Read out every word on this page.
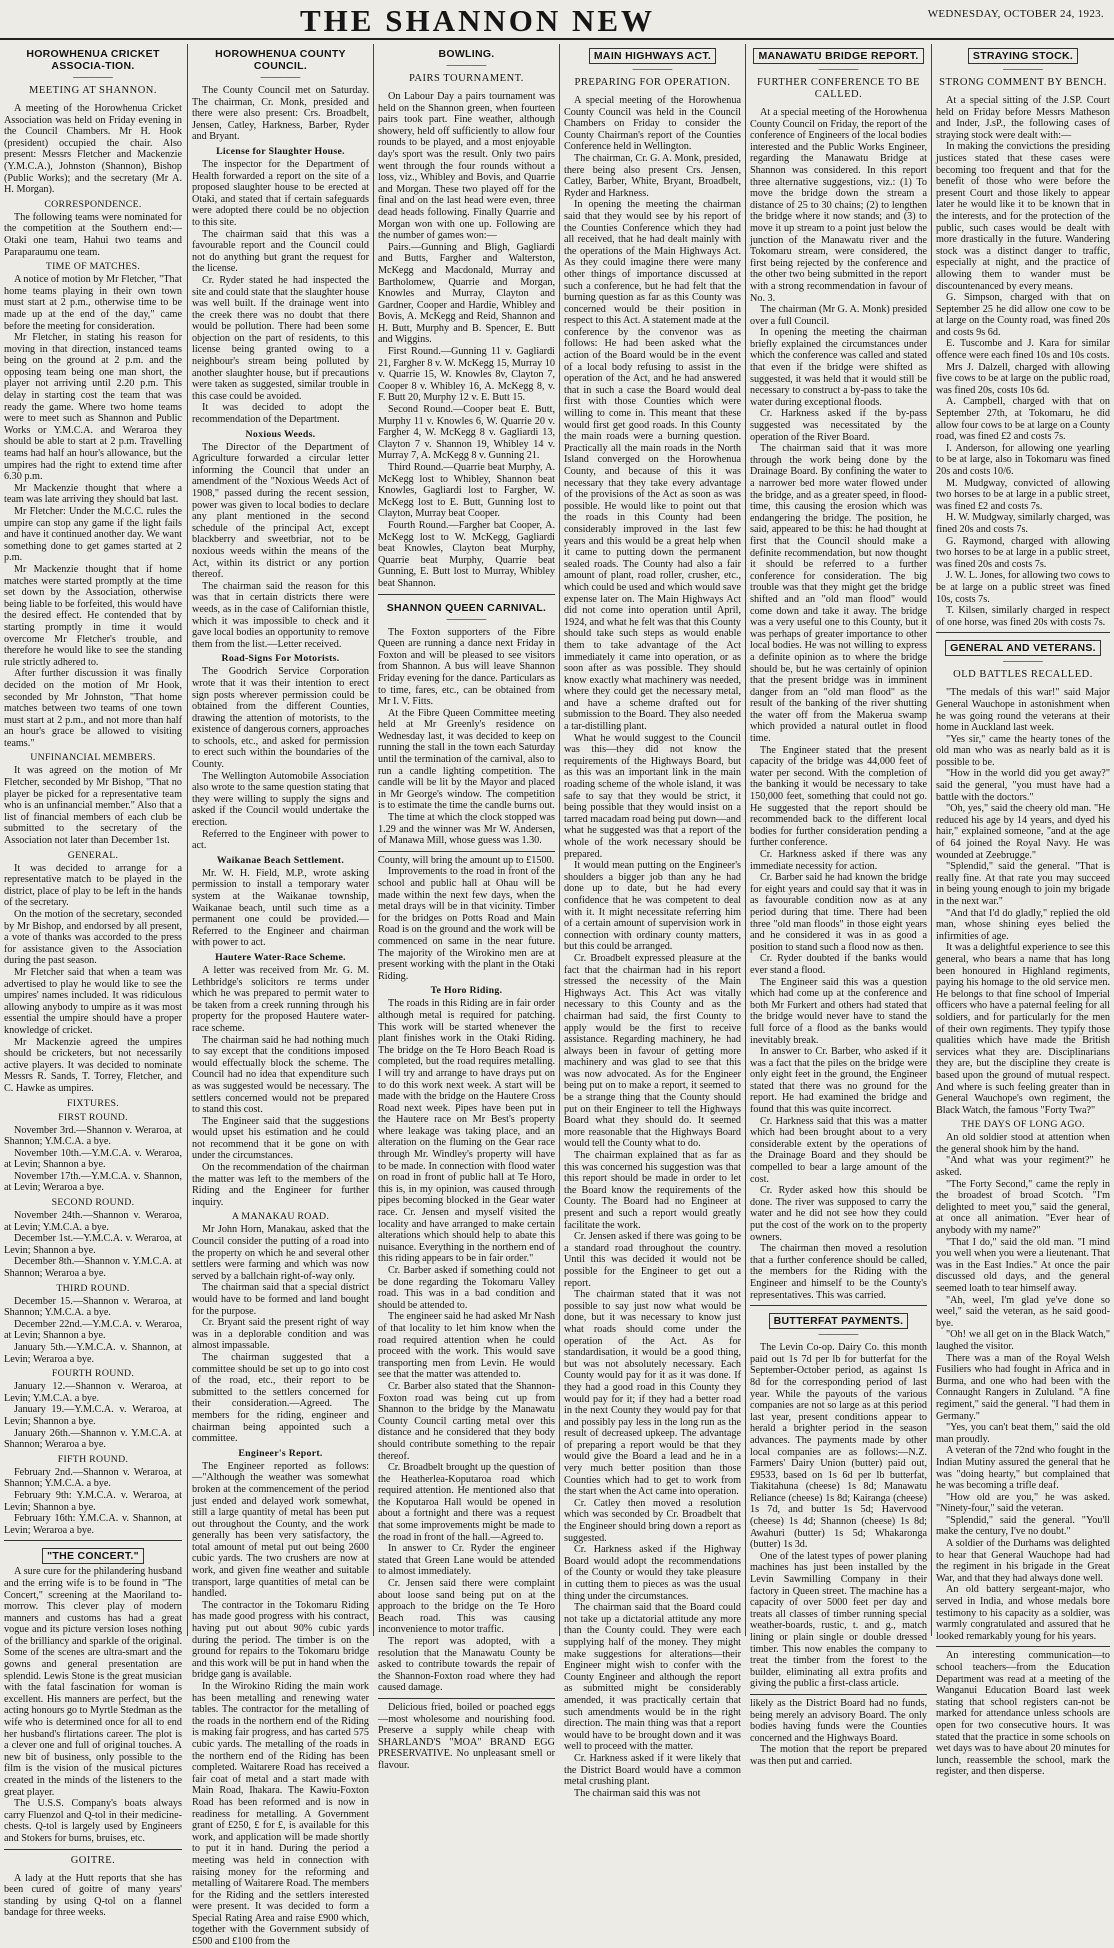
THE SHANNON NEW	WEDNESDAY, OCTOBER 24, 1923.
HOROWHENUA CRICKET ASSOCIA-TION.
───────
MEETING AT SHANNON.

A meeting of the Horowhenua Cricket Association was held on Friday evening in the Council Chambers. Mr H. Hook (president) occupied the chair. Also present: Messrs Fletcher and Mackenzie (Y.M.C.A.), Johnston (Shannon), Bishop (Public Works); and the secretary (Mr A. H. Morgan).

CORRESPONDENCE.

The following teams were nominated for the competition at the Southern end:—Otaki one team, Hahui two teams and Paraparaumu one team.

TIME OF MATCHES.

A notice of motion by Mr Fletcher, "That home teams playing in their own town must start at 2 p.m., otherwise time to be made up at the end of the day," came before the meeting for consideration.

Mr Fletcher, in stating his reason for moving in that direction, instanced teams being on the ground at 2 p.m. and the opposing team being one man short, the player not arriving until 2.20 p.m. This delay in starting cost the team that was ready the game. Where two home teams were to meet such as Shannon and Public Works or Y.M.C.A. and Weraroa they should be able to start at 2 p.m. Travelling teams had half an hour's allowance, but the umpires had the right to extend time after 6.30 p.m.

Mr Mackenzie thought that where a team was late arriving they should bat last.

Mr Fletcher: Under the M.C.C. rules the umpire can stop any game if the light fails and have it continued another day. We want something done to get games started at 2 p.m.

Mr Mackenzie thought that if home matches were started promptly at the time set down by the Association, otherwise being liable to be forfeited, this would have the desired effect. He contended that by starting promptly in time it would overcome Mr Fletcher's trouble, and therefore he would like to see the standing rule strictly adhered to.

After further discussion it was finally decided on the motion of Mr Hook, seconded by Mr Johnston, "That home matches between two teams of one town must start at 2 p.m., and not more than half an hour's grace be allowed to visiting teams."

UNFINANCIAL MEMBERS.

It was agreed on the motion of Mr Fletcher, seconded by Mr Bishop, "That no player be picked for a representative team who is an unfinancial member." Also that a list of financial members of each club be submitted to the secretary of the Association not later than December 1st.

GENERAL.

It was decided to arrange for a representative match to be played in the district, place of play to be left in the hands of the secretary.

On the motion of the secretary, seconded by Mr Bishop, and endorsed by all present, a vote of thanks was accorded to the press for assistance given to the Association during the past season.

Mr Fletcher said that when a team was advertised to play he would like to see the umpires' names included. It was ridiculous allowing anybody to umpire as it was most essential the umpire should have a proper knowledge of cricket.

Mr Mackenzie agreed the umpires should be cricketers, but not necessarily active players. It was decided to nominate Messrs R. Sands, T. Torrey, Fletcher, and C. Hawke as umpires.

FIXTURES.
FIRST ROUND.

November 3rd.—Shannon v. Weraroa, at Shannon; Y.M.C.A. a bye.

November 10th.—Y.M.C.A. v. Weraroa, at Levin; Shannon a bye.

November 17th.—Y.M.C.A. v. Shannon, at Levin; Weraroa a bye.

SECOND ROUND.

November 24th.—Shannon v. Weraroa, at Levin; Y.M.C.A. a bye.

December 1st.—Y.M.C.A. v. Weraroa, at Levin; Shannon a bye.

December 8th.—Shannon v. Y.M.C.A. at Shannon; Weraroa a bye.

THIRD ROUND.

December 15.—Shannon v. Weraroa, at Shannon; Y.M.C.A. a bye.

December 22nd.—Y.M.C.A. v. Weraroa, at Levin; Shannon a bye.

January 5th.—Y.M.C.A. v. Shannon, at Levin; Weraroa a bye.

FOURTH ROUND.

January 12.—Shannon v. Weraroa, at Levin; Y.M.C.A. a bye.

January 19.—Y.M.C.A. v. Weraroa, at Levin; Shannon a bye.

January 26th.—Shannon v. Y.M.C.A. at Shannon; Weraroa a bye.

FIFTH ROUND.

February 2nd.—Shannon v. Weraroa, at Shannon; Y.M.C.A. a bye.

February 9th: Y.M.C.A. v. Weraroa, at Levin; Shannon a bye.

February 16th: Y.M.C.A. v. Shannon, at Levin; Weraroa a bye.

"THE CONCERT."

A sure cure for the philandering husband and the erring wife is to be found in "The Concert," screening at the Maoriland to-morrow. This clever play of modern manners and customs has had a great vogue and its picture version loses nothing of the brilliancy and sparkle of the original. Some of the scenes are ultra-smart and the gowns and general presentation are splendid. Lewis Stone is the great musician with the fatal fascination for woman is excellent. His manners are perfect, but the acting honours go to Myrtle Stedman as the wife who is determined once for all to end her husband's flirtations career. The plot is a clever one and full of original touches. A new bit of business, only possible to the film is the vision of the musical pictures created in the minds of the listeners to the great player.

The U.S.S. Company's boats always carry Fluenzol and Q-tol in their medicine-chests. Q-tol is largely used by Engineers and Stokers for burns, bruises, etc.

GOITRE.

A lady at the Hutt reports that she has been cured of goitre of many years' standing by using Q-tol on a flannel bandage for three weeks.

HOROWHENUA COUNTY COUNCIL.
───────

The County Council met on Saturday. The chairman, Cr. Monk, presided and there were also present: Crs. Broadbelt, Jensen, Catley, Harkness, Barber, Ryder and Bryant.

License for Slaughter House.

The inspector for the Department of Health forwarded a report on the site of a proposed slaughter house to be erected at Otaki, and stated that if certain safeguards were adopted there could be no objection to this site.

The chairman said that this was a favourable report and the Council could not do anything but grant the request for the license.

Cr. Ryder stated he had inspected the site and could state that the slaughter house was well built. If the drainage went into the creek there was no doubt that there would be pollution. There had been some objection on the part of residents, to this license being granted owing to a neighbour's stream being polluted by another slaughter house, but if precautions were taken as suggested, similar trouble in this case could be avoided.

It was decided to adopt the recommendation of the Department.

Noxious Weeds.

The Director of the Department of Agriculture forwarded a circular letter informing the Council that under an amendment of the "Noxious Weeds Act of 1908," passed during the recent session, power was given to local bodies to declare any plant mentioned in the second schedule of the principal Act, except blackberry and sweetbriar, not to be noxious weeds within the means of the Act, within its district or any portion thereof.

The chairman said the reason for this was that in certain districts there were weeds, as in the case of Californian thistle, which it was impossible to check and it gave local bodies an opportunity to remove them from the list.—Letter received.

Road-Signs For Motorists.

The Goodrich Service Corporation wrote that it was their intention to erect sign posts wherever permission could be obtained from the different Counties, drawing the attention of motorists, to the existence of dangerous corners, approaches to schools, etc., and asked for permission to erect such within the boundaries of the County.

The Wellington Automobile Association also wrote to the same question stating that they were willing to supply the signs and asked if the Council would undertake the erection.

Referred to the Engineer with power to act.

Waikanae Beach Settlement.

Mr. W. H. Field, M.P., wrote asking permission to install a temporary water system at the Waikanae township, Waikanae beach, until such time as a permanent one could be provided.—Referred to the Engineer and chairman with power to act.

Hautere Water-Race Scheme.

A letter was received from Mr. G. M. Lethbridge's solicitors re terms under which he was prepared to permit water to be taken from a creek running through his property for the proposed Hautere water-race scheme.

The chairman said he had nothing much to say except that the conditions imposed would effectually block the scheme. The Council had no idea that expenditure such as was suggested would be necessary. The settlers concerned would not be prepared to stand this cost.

The Engineer said that the suggestions would upset his estimation and he could not recommend that it be gone on with under the circumstances.

On the recommendation of the chairman the matter was left to the members of the Riding and the Engineer for further inquiry.

A MANAKAU ROAD.

Mr John Horn, Manakau, asked that the Council consider the putting of a road into the property on which he and several other settlers were farming and which was now served by a ballchain right-of-way only.

The chairman said that a special district would have to be formed and land bought for the purpose.

Cr. Bryant said the present right of way was in a deplorable condition and was almost impassable.

The chairman suggested that a committee should be set up to go into cost of the road, etc., their report to be submitted to the settlers concerned for their consideration.—Agreed. The members for the riding, engineer and chairman being appointed such a committee.

Engineer's Report.

The Engineer reported as follows:—"Although the weather was somewhat broken at the commencement of the period just ended and delayed work somewhat, still a large quantity of metal has been put out throughout the County, and the work generally has been very satisfactory, the total amount of metal put out being 2600 cubic yards. The two crushers are now at work, and given fine weather and suitable transport, large quantities of metal can be handled.

The contractor in the Tokomaru Riding has made good progress with his contract, having put out about 90% cubic yards during the period. The timber is on the ground for repairs to the Tokomaru bridge and this work will be put in hand when the bridge gang is available.

In the Wirokino Riding the main work has been metalling and renewing water tables. The contractor for the metalling of the roads in the northern end of the Riding is making fair progress, and has carted 575 cubic yards. The metalling of the roads in the northern end of the Riding has been completed. Waitarere Road has received a fair coat of metal and a start made with Main Road, Ihakara. The Kawiu-Foxton Road has been reformed and is now in readiness for metalling. A Government grant of £250, £ for £, is available for this work, and application will be made shortly to put it in hand. During the period a meeting was held in connection with raising money for the reforming and metalling of Waitarere Road. The members for the Riding and the settlers interested were present. It was decided to form a Special Rating Area and raise £900 which, together with the Government subsidy of £500 and £100 from the

BOWLING.
───────
PAIRS TOURNAMENT.

On Labour Day a pairs tournament was held on the Shannon green, when fourteen pairs took part. Fine weather, although showery, held off sufficiently to allow four rounds to be played, and a most enjoyable day's sport was the result. Only two pairs went through the four rounds without a loss, viz., Whibley and Bovis, and Quarrie and Morgan. These two played off for the final and on the last head were even, three dead heads following. Finally Quarrie and Morgan won with one up. Following are the number of games won:—

Pairs.—Gunning and Bligh, Gagliardi and Butts, Fargher and Walterston, McKegg and Macdonald, Murray and Bartholomew, Quarrie and Morgan, Knowles and Murray, Clayton and Gardner, Cooper and Hardie, Whibley and Bovis, A. McKegg and Reid, Shannon and H. Butt, Murphy and B. Spencer, E. Butt and Wiggins.

First Round.—Gunning 11 v. Gagliardi 21, Fargher 8 v. W. McKegg 15, Murray 10 v. Quarrie 15, W. Knowles 8v, Clayton 7, Cooper 8 v. Whibley 16, A. McKegg 8, v. F. Butt 20, Murphy 12 v. E. Butt 15.

Second Round.—Cooper beat E. Butt, Murphy 11 v. Knowles 6, W. Quarrie 20 v. Fargher 4, W. McKegg 8 v. Gagliardi 13, Clayton 7 v. Shannon 19, Whibley 14 v. Murray 7, A. McKegg 8 v. Gunning 21.

Third Round.—Quarrie beat Murphy, A. McKegg lost to Whibley, Shannon beat Knowles, Gagliardi lost to Fargher, W. McKegg lost to E. Butt, Gunning lost to Clayton, Murray beat Cooper.

Fourth Round.—Fargher bat Cooper, A. McKegg lost to W. McKegg, Gagliardi beat Knowles, Clayton beat Murphy, Quarrie beat Murphy, Quarrie beat Gunning, E. Butt lost to Murray, Whibley beat Shannon.

SHANNON QUEEN CARNIVAL.
───────

The Foxton supporters of the Fibre Queen are running a dance next Friday in Foxton and will be pleased to see visitors from Shannon. A bus will leave Shannon Friday evening for the dance. Particulars as to time, fares, etc., can be obtained from Mr I. V. Fitts.

At the Fibre Queen Committee meeting held at Mr Greenly's residence on Wednesday last, it was decided to keep on running the stall in the town each Saturday until the termination of the carnival, also to run a candle lighting competition. The candle will be lit by the Mayor and placed in Mr George's window. The competition is to estimate the time the candle burns out.

The time at which the clock stopped was 1.29 and the winner was Mr W. Andersen, of Manawa Mill, whose guess was 1.30.

County, will bring the amount up to £1500.

Improvements to the road in front of the school and public hall at Ohau will be made within the next few days, when the metal drays will be in that vicinity. Timber for the bridges on Potts Road and Main Road is on the ground and the work will be commenced on same in the near future. The majority of the Wirokino men are at present working with the plant in the Otaki Riding.

Te Horo Riding.

The roads in this Riding are in fair order although metal is required for patching. This work will be started whenever the plant finishes work in the Otaki Riding. The bridge on the Te Horo Beach Road is completed, but the road requires metalling. I will try and arrange to have drays put on to do this work next week. A start will be made with the bridge on the Hautere Cross Road next week. Pipes have been put in the Hautere race on Mr Best's property where leakage was taking place, and an alteration on the fluming on the Gear race through Mr. Windley's property will have to be made. In connection with flood water on road in front of public hall at Te Horo, this is, in my opinion, was caused through pipes becoming blocked in the Gear water race. Cr. Jensen and myself visited the locality and have arranged to make certain alterations which should help to abate this nuisance. Everything in the northern end of this riding appears to be in fair order."

Cr. Barber asked if something could not be done regarding the Tokomaru Valley road. This was in a bad condition and should be attended to.

The engineer said he had asked Mr Nash of that locality to let him know when the road required attention when he could proceed with the work. This would save transporting men from Levin. He would see that the matter was attended to.

Cr. Barber also stated that the Shannon-Foxton road was being cut up from Shannon to the bridge by the Manawatu County Council carting metal over this distance and he considered that they body should contribute something to the repair thereof.

Cr. Broadbelt brought up the question of the Heatherlea-Koputaroa road which required attention. He mentioned also that the Koputaroa Hall would be opened in about a fortnight and there was a request that some improvements might be made to the road in front of the hall.—Agreed to.

In answer to Cr. Ryder the engineer stated that Green Lane would be attended to almost immediately.

Cr. Jensen said there were complaint about loose sand being put on at the approach to the bridge on the Te Horo Beach road. This was causing inconvenience to motor traffic.

The report was adopted, with a resolution that the Manawatu County be asked to contribute towards the repair of the Shannon-Foxton road where they had caused damage.

Delicious fried, boiled or poached eggs—most wholesome and nourishing food. Preserve a supply while cheap with SHARLAND'S "MOA" BRAND EGG PRESERVATIVE. No unpleasant smell or flavour.

MAIN HIGHWAYS ACT.
───────
PREPARING FOR OPERATION.

A special meeting of the Horowhenua County Council was held in the Council Chambers on Friday to consider the County Chairman's report of the Counties Conference held in Wellington.

The chairman, Cr. G. A. Monk, presided, there being also present Crs. Jensen, Catley, Barber, White, Bryant, Broadbelt, Ryder and Harkness.

In opening the meeting the chairman said that they would see by his report of the Counties Conference which they had all received, that he had dealt mainly with the operations of the Main Highways Act. As they could imagine there were many other things of importance discussed at such a conference, but he had felt that the burning question as far as this County was concerned would be their position in respect to this Act. A statement made at the conference by the convenor was as follows: He had been asked what the action of the Board would be in the event of a local body refusing to assist in the operation of the Act, and he had answered that in such a case the Board would deal first with those Counties which were willing to come in. This meant that these would first get good roads. In this County the main roads were a burning question. Practically all the main roads in the North Island converged on the Horowhenua County, and because of this it was necessary that they take every advantage of the provisions of the Act as soon as was possible. He would like to point out that the roads in this County had been considerably improved in the last few years and this would be a great help when it came to putting down the permanent sealed roads. The County had also a fair amount of plant, road roller, crusher, etc., which could be used and which would save expense later on. The Main Highways Act did not come into operation until April, 1924, and what he felt was that this County should take such steps as would enable them to take advantage of the Act immediately it came into operation, or as soon after as was possible. They should know exactly what machinery was needed, where they could get the necessary metal, and have a scheme drafted out for submission to the Board. They also needed a tar-distilling plant.

What he would suggest to the Council was this—they did not know the requirements of the Highways Board, but as this was an important link in the main roading scheme of the whole island, it was safe to say that they would be strict, it being possible that they would insist on a tarred macadam road being put down—and what he suggested was that a report of the whole of the work necessary should be prepared.

It would mean putting on the Engineer's shoulders a bigger job than any he had done up to date, but he had every confidence that he was competent to deal with it. It might necessitate referring him of a certain amount of supervision work in connection with ordinary county matters, but this could be arranged.

Cr. Broadbelt expressed pleasure at the fact that the chairman had in his report stressed the necessity of the Main Highways Act. This Act was vitally necessary to this County and as the chairman had said, the first County to apply would be the first to receive assistance. Regarding machinery, he had always been in favour of getting more machinery and was glad to see that this was now advocated. As for the Engineer being put on to make a report, it seemed to be a strange thing that the County should put on their Engineer to tell the Highways Board what they should do. It seemed more reasonable that the Highways Board would tell the County what to do.

The chairman explained that as far as this was concerned his suggestion was that this report should be made in order to let the Board know the requirements of the County. The Board had no Engineer at present and such a report would greatly facilitate the work.

Cr. Jensen asked if there was going to be a standard road throughout the country. Until this was decided it would not be possible for the Engineer to get out a report.

The chairman stated that it was not possible to say just now what would be done, but it was necessary to know just what roads should come under the operation of the Act. As for standardisation, it would be a good thing, but was not absolutely necessary. Each County would pay for it as it was done. If they had a good road in this County they would pay for it; if they had a better road in the next County they would pay for that and possibly pay less in the long run as the result of decreased upkeep. The advantage of preparing a report would be that they would give the Board a lead and he in a very much better position than those Counties which had to get to work from the start when the Act came into operation.

Cr. Catley then moved a resolution which was seconded by Cr. Broadbelt that the Engineer should bring down a report as suggested.

Cr. Harkness asked if the Highway Board would adopt the recommendations of the County or would they take pleasure in cutting them to pieces as was the usual thing under the circumstances.

The chairman said that the Board could not take up a dictatorial attitude any more than the County could. They were each supplying half of the money. They might make suggestions for alterations—their Engineer might wish to confer with the County Engineer and although the report as submitted might be considerably amended, it was practically certain that such amendments would be in the right direction. The main thing was that a report would have to be brought down and it was well to proceed with the matter.

Cr. Harkness asked if it were likely that the District Board would have a common metal crushing plant.

The chairman said this was not

MANAWATU BRIDGE REPORT.
───────
FURTHER CONFERENCE TO BE CALLED.

At a special meeting of the Horowhenua County Council on Friday, the report of the conference of Engineers of the local bodies interested and the Public Works Engineer, regarding the Manawatu Bridge at Shannon was considered. In this report three alternative suggestions, viz.: (1) To move the bridge down the stream a distance of 25 to 30 chains; (2) to lengthen the bridge where it now stands; and (3) to move it up stream to a point just below the junction of the Manawatu river and the Tokomaru stream, were considered, the first being rejected by the conference and the other two being submitted in the report with a strong recommendation in favour of No. 3.

The chairman (Mr G. A. Monk) presided over a full Council.

In opening the meeting the chairman briefly explained the circumstances under which the conference was called and stated that even if the bridge were shifted as suggested, it was held that it would still be necessary to construct a by-pass to take the water during exceptional floods.

Cr. Harkness asked if the by-pass suggested was necessitated by the operation of the River Board.

The chairman said that it was more through the work being done by the Drainage Board. By confining the water to a narrower bed more water flowed under the bridge, and as a greater speed, in flood-time, this causing the erosion which was endangering the bridge. The position, he said, appeared to be this: he had thought at first that the Council should make a definite recommendation, but now thought it should be referred to a further conference for consideration. The big trouble was that they might get the bridge shifted and an "old man flood" would come down and take it away. The bridge was a very useful one to this County, but it was perhaps of greater importance to other local bodies. He was not willing to express a definite opinion as to where the bridge should be, but he was certainly of opinion that the present bridge was in imminent danger from an "old man flood" as the result of the banking of the river shutting the water off from the Makerua swamp which provided a natural outlet in flood time.

The Engineer stated that the present capacity of the bridge was 44,000 feet of water per second. With the completion of the banking it would be necessary to take 150,000 feet, something that could not go. He suggested that the report should be recommended back to the different local bodies for further consideration pending a further conference.

Cr. Harkness asked if there was any immediate necessity for action.

Cr. Barber said he had known the bridge for eight years and could say that it was in as favourable condition now as at any period during that time. There had been three "old man floods" in those eight years and he considered it was in as good a position to stand such a flood now as then.

Cr. Ryder doubted if the banks would ever stand a flood.

The Engineer said this was a question which had come up at the conference and both Mr Furkert and others had stated that the bridge would never have to stand the full force of a flood as the banks would inevitably break.

In answer to Cr. Barber, who asked if it was a fact that the piles on the bridge were only eight feet in the ground, the Engineer stated that there was no ground for the report. He had examined the bridge and found that this was quite incorrect.

Cr. Harkness said that this was a matter which had been brought about to a very considerable extent by the operations of the Drainage Board and they should be compelled to bear a large amount of the cost.

Cr. Ryder asked how this should be done. The river was supposed to carry the water and he did not see how they could put the cost of the work on to the property owners.

The chairman then moved a resolution that a further conference should be called, the members for the Riding with the Engineer and himself to be the County's representatives. This was carried.

BUTTERFAT PAYMENTS.
───────

The Levin Co-op. Dairy Co. this month paid out 1s 7d per lb for butterfat for the September-October period, as against 1s 8d for the corresponding period of last year. While the payouts of the various companies are not so large as at this period last year, present conditions appear to herald a brighter period in the season advances. The payments made by other local companies are as follows:—N.Z. Farmers' Dairy Union (butter) paid out, £9533, based on 1s 6d per lb butterfat, Tiakitahuna (cheese) 1s 8d; Manawatu Reliance (cheese) 1s 8d; Kairanga (cheese) 1s 7d, and butter 1s 5d; Havervood (cheese) 1s 4d; Shannon (cheese) 1s 8d; Awahuri (butter) 1s 5d; Whakaronga (butter) 1s 3d.

One of the latest types of power planing machines has just been installed by the Levin Sawmilling Company in their factory in Queen street. The machine has a capacity of over 5000 feet per day and treats all classes of timber running special weather-boards, rustic, t. and g., match lining or plain single or double dressed timber. This now enables the company to treat the timber from the forest to the builder, eliminating all extra profits and giving the public a first-class article.

likely as the District Board had no funds, being merely an advisory Board. The only bodies having funds were the Counties concerned and the Highways Board.

The motion that the report be prepared was then put and carried.

STRAYING STOCK.
───────
STRONG COMMENT BY BENCH.

At a special sitting of the J.SP. Court held on Friday before Messrs Matheson and Inder, J.sP., the following cases of straying stock were dealt with:—

In making the convictions the presiding justices stated that these cases were becoming too frequent and that for the benefit of those who were before the present Court and those likely to appear later he would like it to be known that in the interests, and for the protection of the public, such cases would be dealt with more drastically in the future. Wandering stock was a distinct danger to traffic, especially at night, and the practice of allowing them to wander must be discountenanced by every means.

G. Simpson, charged with that on September 25 he did allow one cow to be at large on the County road, was fined 20s and costs 9s 6d.

E. Tuscombe and J. Kara for similar offence were each fined 10s and 10s costs.

Mrs J. Dalzell, charged with allowing five cows to be at large on the public road, was fined 20s, costs 10s 6d.

A. Campbell, charged with that on September 27th, at Tokomaru, he did allow four cows to be at large on a County road, was fined £2 and costs 7s.

I. Anderson, for allowing one yearling to be at large, also in Tokomaru was fined 20s and costs 10/6.

M. Mudgway, convicted of allowing two horses to be at large in a public street, was fined £2 and costs 7s.

H. W. Mudgway, similarly charged, was fined 20s and costs 7s.

G. Raymond, charged with allowing two horses to be at large in a public street, was fined 20s and costs 7s.

J. W. L. Jones, for allowing two cows to be at large on a public street was fined 10s, costs 7s.

T. Kilsen, similarly charged in respect of one horse, was fined 20s with costs 7s.

GENERAL AND VETERANS.
───────
OLD BATTLES RECALLED.

"The medals of this war!" said Major General Wauchope in astonishment when he was going round the veterans at their home in Auckland last week.

"Yes sir," came the hearty tones of the old man who was as nearly bald as it is possible to be.

"How in the world did you get away?" said the general, "you must have had a battle with the doctors."

"Oh, yes," said the cheery old man. "He reduced his age by 14 years, and dyed his hair," explained someone, "and at the age of 64 joined the Royal Navy. He was wounded at Zeebrugge."

"Splendid," said the general. "That is really fine. At that rate you may succeed in being young enough to join my brigade in the next war."

"And that I'd do gladly," replied the old man, whose shining eyes belied the infirmities of age.

It was a delightful experience to see this general, who bears a name that has long been honoured in Highland regiments, paying his homage to the old service men. He belongs to that fine school of Imperial officers who have a paternal feeling for all soldiers, and for particularly for the men of their own regiments. They typify those qualities which have made the British services what they are. Disciplinarians they are, but the discipline they create is based upon the ground of mutual respect. And where is such feeling greater than in General Wauchope's own regiment, the Black Watch, the famous "Forty Twa?"

THE DAYS OF LONG AGO.

An old soldier stood at attention when the general shook him by the hand.

"And what was your regiment?" he asked.

"The Forty Second," came the reply in the broadest of broad Scotch. "I'm delighted to meet you," said the general, at once all animation. "Ever hear of anybody with my name?"

"That I do," said the old man. "I mind you well when you were a lieutenant. That was in the East Indies." At once the pair discussed old days, and the general seemed loath to tear himself away.

"Ah, weel, I'm glad ye've done so weel," said the veteran, as he said good-bye.

"Oh! we all get on in the Black Watch," laughed the visitor.

There was a man of the Royal Welsh Fusiliers who had fought in Africa and in Burma, and one who had been with the Connaught Rangers in Zululand. "A fine regiment," said the general. "I had them in Germany."

"Yes, you can't beat them," said the old man proudly.

A veteran of the 72nd who fought in the Indian Mutiny assured the general that he was "doing hearty," but complained that he was becoming a trifle deaf.

"How old are you," he was asked. "Ninety-four," said the veteran.

"Splendid," said the general. "You'll make the century, I've no doubt."

A soldier of the Durhams was delighted to hear that General Wauchope had had the regiment in his brigade in the Great War, and that they had always done well.

An old battery sergeant-major, who served in India, and whose medals bore testimony to his capacity as a soldier, was warmly congratulated and assured that he looked remarkably young for his years.

An interesting communication—to school teachers—from the Education Department was read at a meeting of the Wanganui Education Board last week stating that school registers can-not be marked for attendance unless schools are open for two consecutive hours. It was stated that the practice in some schools on wet days was to have about 20 minutes for lunch, reassemble the school, mark the register, and then disperse.
